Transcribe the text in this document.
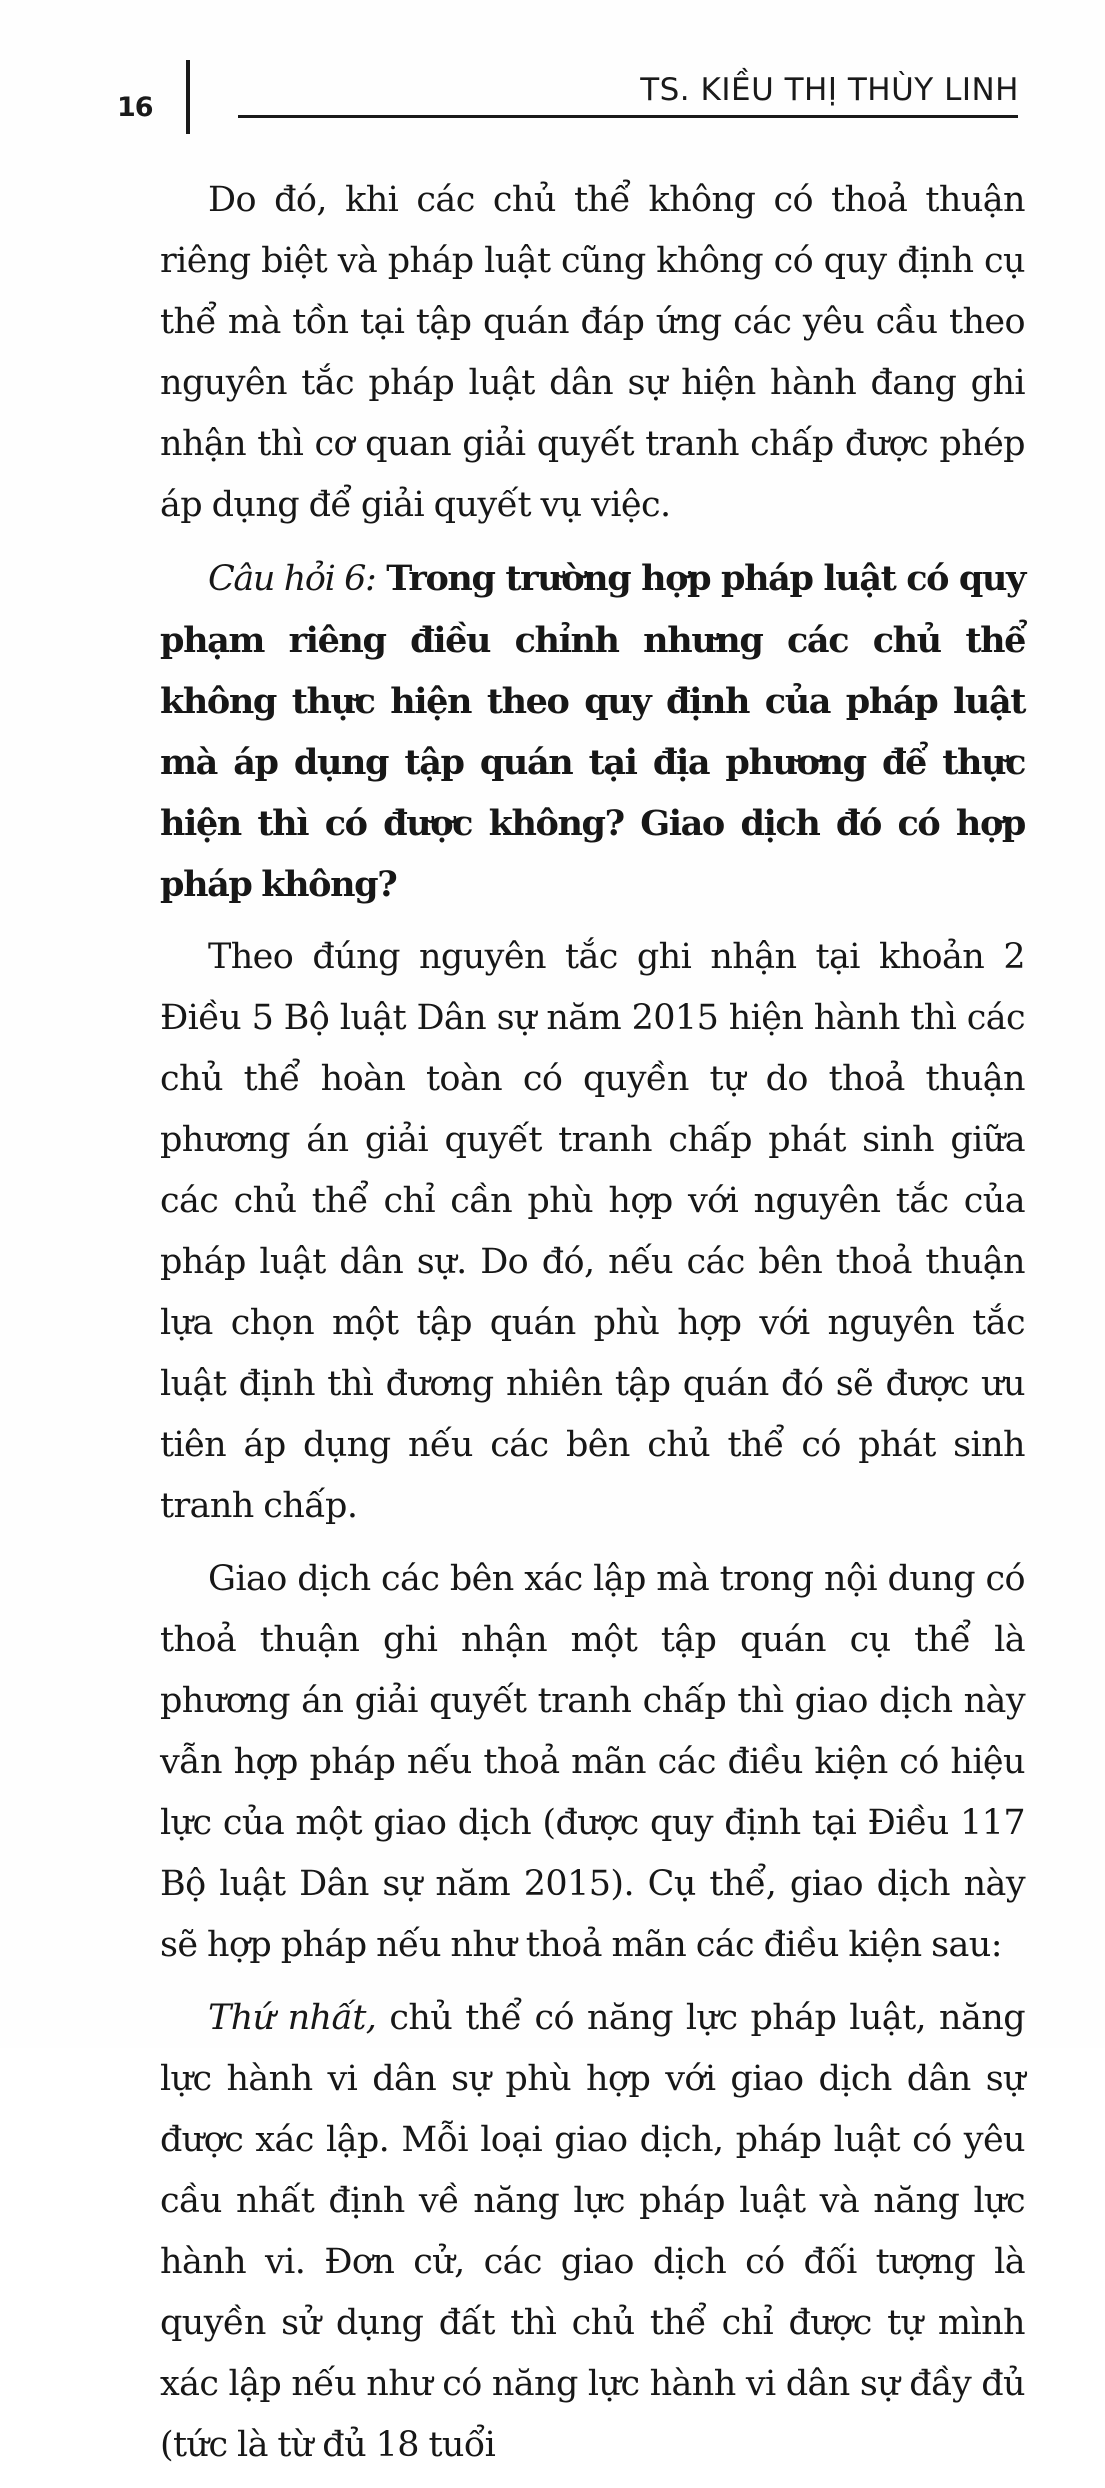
16	TS. KIỀU THỊ THÙY LINH

Do đó, khi các chủ thể không có thoả thuận riêng biệt và pháp luật cũng không có quy định cụ thể mà tồn tại tập quán đáp ứng các yêu cầu theo nguyên tắc pháp luật dân sự hiện hành đang ghi nhận thì cơ quan giải quyết tranh chấp được phép áp dụng để giải quyết vụ việc.

Câu hỏi 6: Trong trường hợp pháp luật có quy phạm riêng điều chỉnh nhưng các chủ thể không thực hiện theo quy định của pháp luật mà áp dụng tập quán tại địa phương để thực hiện thì có được không? Giao dịch đó có hợp pháp không?

Theo đúng nguyên tắc ghi nhận tại khoản 2 Điều 5 Bộ luật Dân sự năm 2015 hiện hành thì các chủ thể hoàn toàn có quyền tự do thoả thuận phương án giải quyết tranh chấp phát sinh giữa các chủ thể chỉ cần phù hợp với nguyên tắc của pháp luật dân sự. Do đó, nếu các bên thoả thuận lựa chọn một tập quán phù hợp với nguyên tắc luật định thì đương nhiên tập quán đó sẽ được ưu tiên áp dụng nếu các bên chủ thể có phát sinh tranh chấp.

Giao dịch các bên xác lập mà trong nội dung có thoả thuận ghi nhận một tập quán cụ thể là phương án giải quyết tranh chấp thì giao dịch này vẫn hợp pháp nếu thoả mãn các điều kiện có hiệu lực của một giao dịch (được quy định tại Điều 117 Bộ luật Dân sự năm 2015). Cụ thể, giao dịch này sẽ hợp pháp nếu như thoả mãn các điều kiện sau:

Thứ nhất, chủ thể có năng lực pháp luật, năng lực hành vi dân sự phù hợp với giao dịch dân sự được xác lập. Mỗi loại giao dịch, pháp luật có yêu cầu nhất định về năng lực pháp luật và năng lực hành vi. Đơn cử, các giao dịch có đối tượng là quyền sử dụng đất thì chủ thể chỉ được tự mình xác lập nếu như có năng lực hành vi dân sự đầy đủ (tức là từ đủ 18 tuổi
